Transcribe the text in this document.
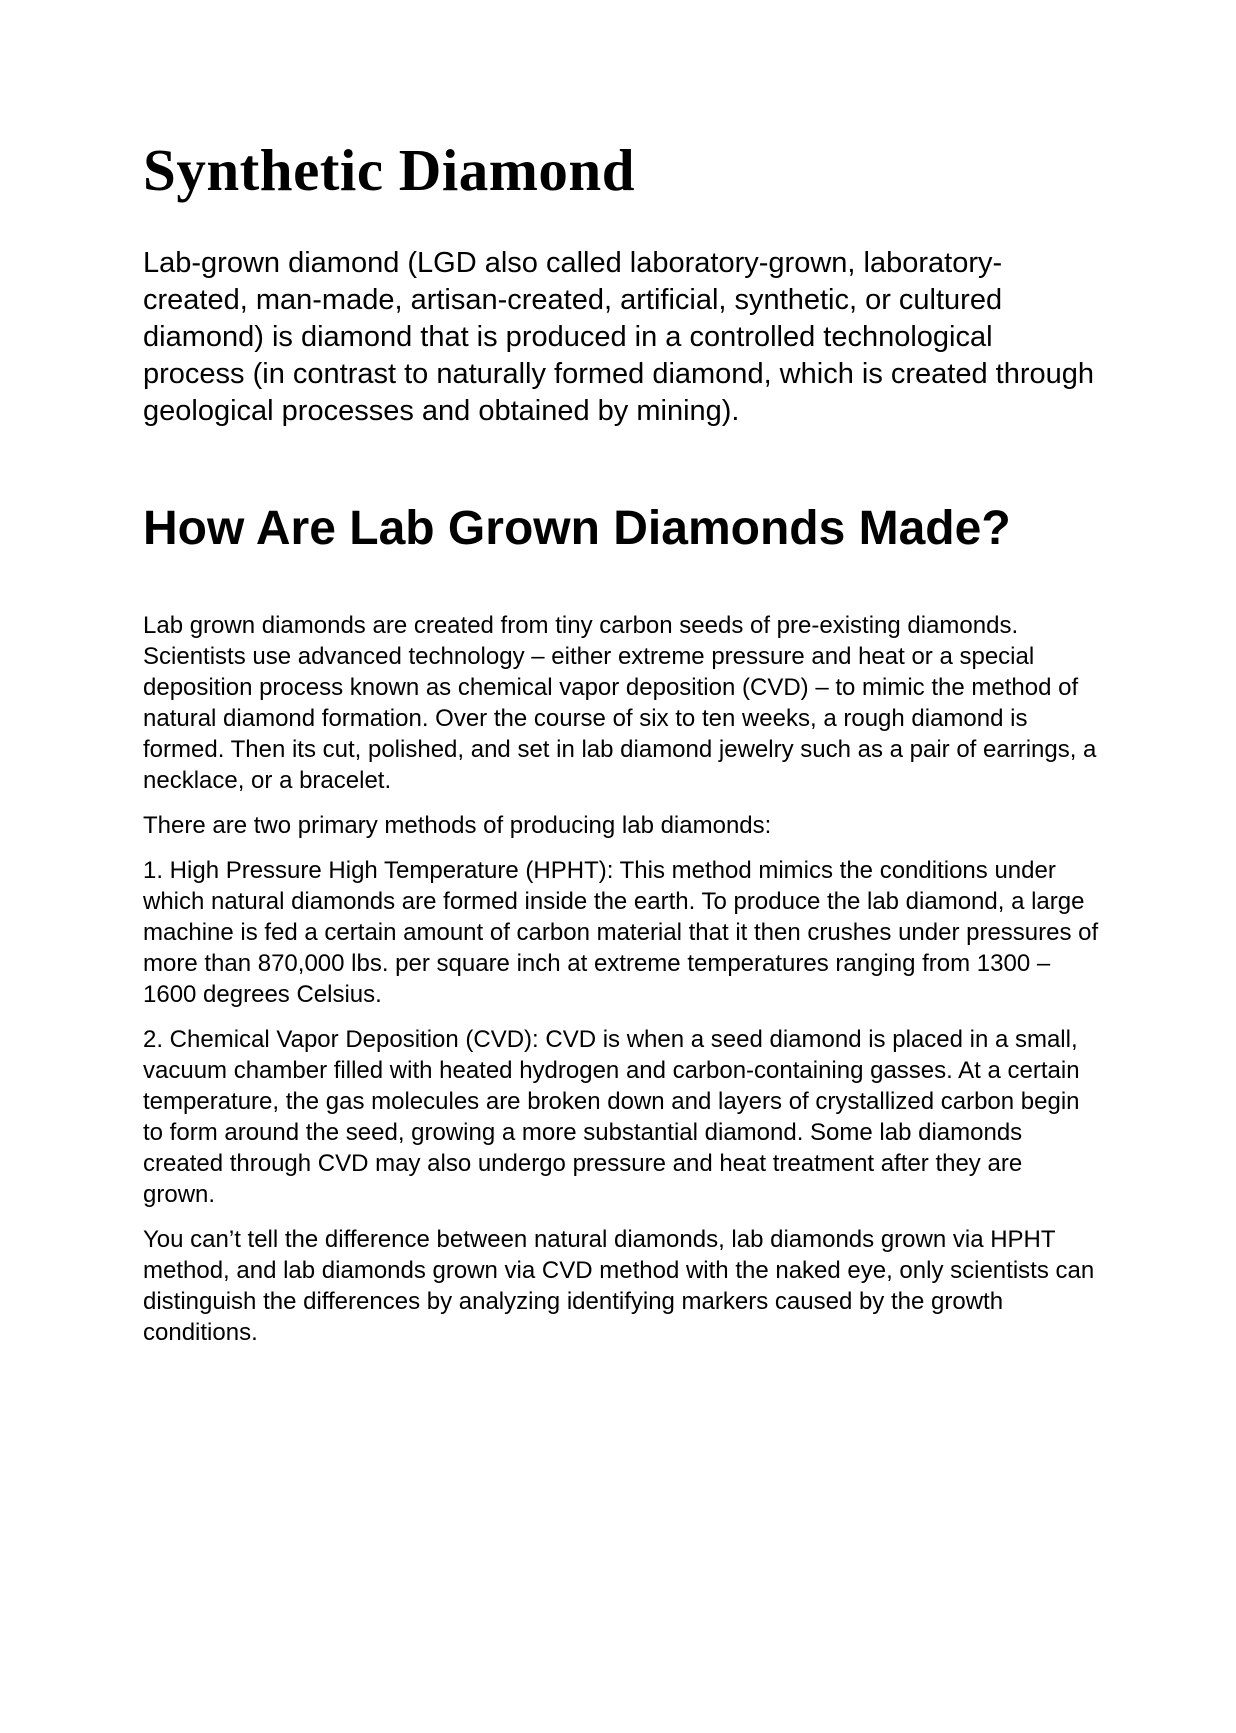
Synthetic Diamond

Lab-grown diamond (LGD also called laboratory-grown, laboratory-created, man-made, artisan-created, artificial, synthetic, or cultured diamond) is diamond that is produced in a controlled technological process (in contrast to naturally formed diamond, which is created through geological processes and obtained by mining).

How Are Lab Grown Diamonds Made?

Lab grown diamonds are created from tiny carbon seeds of pre-existing diamonds. Scientists use advanced technology – either extreme pressure and heat or a special deposition process known as chemical vapor deposition (CVD) – to mimic the method of natural diamond formation. Over the course of six to ten weeks, a rough diamond is formed. Then its cut, polished, and set in lab diamond jewelry such as a pair of earrings, a necklace, or a bracelet.

There are two primary methods of producing lab diamonds:

1. High Pressure High Temperature (HPHT): This method mimics the conditions under which natural diamonds are formed inside the earth. To produce the lab diamond, a large machine is fed a certain amount of carbon material that it then crushes under pressures of more than 870,000 lbs. per square inch at extreme temperatures ranging from 1300 – 1600 degrees Celsius.

2. Chemical Vapor Deposition (CVD): CVD is when a seed diamond is placed in a small, vacuum chamber filled with heated hydrogen and carbon-containing gasses. At a certain temperature, the gas molecules are broken down and layers of crystallized carbon begin to form around the seed, growing a more substantial diamond. Some lab diamonds created through CVD may also undergo pressure and heat treatment after they are grown.

You can’t tell the difference between natural diamonds, lab diamonds grown via HPHT method, and lab diamonds grown via CVD method with the naked eye, only scientists can distinguish the differences by analyzing identifying markers caused by the growth conditions.
